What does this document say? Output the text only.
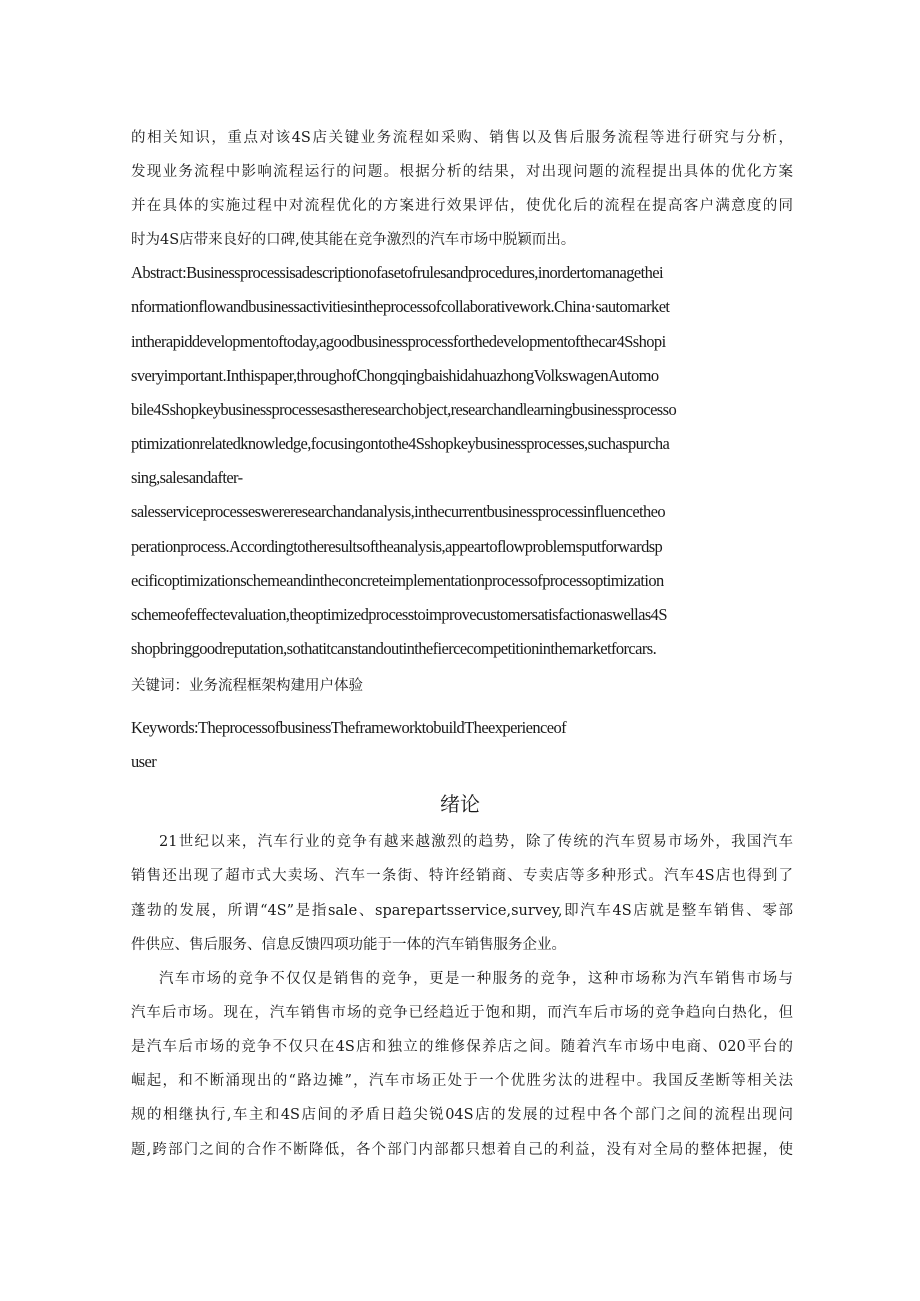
的相关知识，重点对该4S店关键业务流程如采购、销售以及售后服务流程等进行研究与分析，
发现业务流程中影响流程运行的问题。根据分析的结果，对出现问题的流程提出具体的优化方案
并在具体的实施过程中对流程优化的方案进行效果评估，使优化后的流程在提高客户满意度的同
时为4S店带来良好的口碑,使其能在竞争激烈的汽车市场中脱颖而出。
Abstract:Businessprocessisadescriptionofasetofrulesandprocedures,inordertomanagethei
nformationflowandbusinessactivitiesintheprocessofcollaborativework.China·sautomarket
intherapiddevelopmentoftoday,agoodbusinessprocessforthedevelopmentofthecar4Sshopi
sveryimportant.Inthispaper,throughofChongqingbaishidahuazhongVolkswagenAutomo
bile4Sshopkeybusinessprocessesastheresearchobject,researchandlearningbusinessprocesso
ptimizationrelatedknowledge,focusingontothe4Sshopkeybusinessprocesses,suchaspurcha
sing,salesandafter-
salesserviceprocesseswereresearchandanalysis,inthecurrentbusinessprocessinfluencetheo
perationprocess.Accordingtotheresultsoftheanalysis,appeartoflowproblemsputforwardsp
ecificoptimizationschemeandintheconcreteimplementationprocessofprocessoptimization
schemeofeffectevaluation,theoptimizedprocesstoimprovecustomersatisfactionaswellas4S
shopbringgoodreputation,sothatitcanstandoutinthefiercecompetitioninthemarketforcars.
关键词：业务流程框架构建用户体验
Keywords:TheprocessofbusinessTheframeworktobuildTheexperienceof
user
绪论
21世纪以来，汽车行业的竞争有越来越激烈的趋势，除了传统的汽车贸易市场外，我国汽车
销售还出现了超市式大卖场、汽车一条街、特许经销商、专卖店等多种形式。汽车4S店也得到了
蓬勃的发展，所谓“4S”是指sale、sparepartsservice,survey,即汽车4S店就是整车销售、零部
件供应、售后服务、信息反馈四项功能于一体的汽车销售服务企业。
汽车市场的竞争不仅仅是销售的竞争，更是一种服务的竞争，这种市场称为汽车销售市场与
汽车后市场。现在，汽车销售市场的竞争已经趋近于饱和期，而汽车后市场的竞争趋向白热化，但
是汽车后市场的竞争不仅只在4S店和独立的维修保养店之间。随着汽车市场中电商、020平台的
崛起，和不断涌现出的“路边摊”，汽车市场正处于一个优胜劣汰的进程中。我国反垄断等相关法
规的相继执行,车主和4S店间的矛盾日趋尖锐04S店的发展的过程中各个部门之间的流程出现问
题,跨部门之间的合作不断降低，各个部门内部都只想着自己的利益，没有对全局的整体把握，使
